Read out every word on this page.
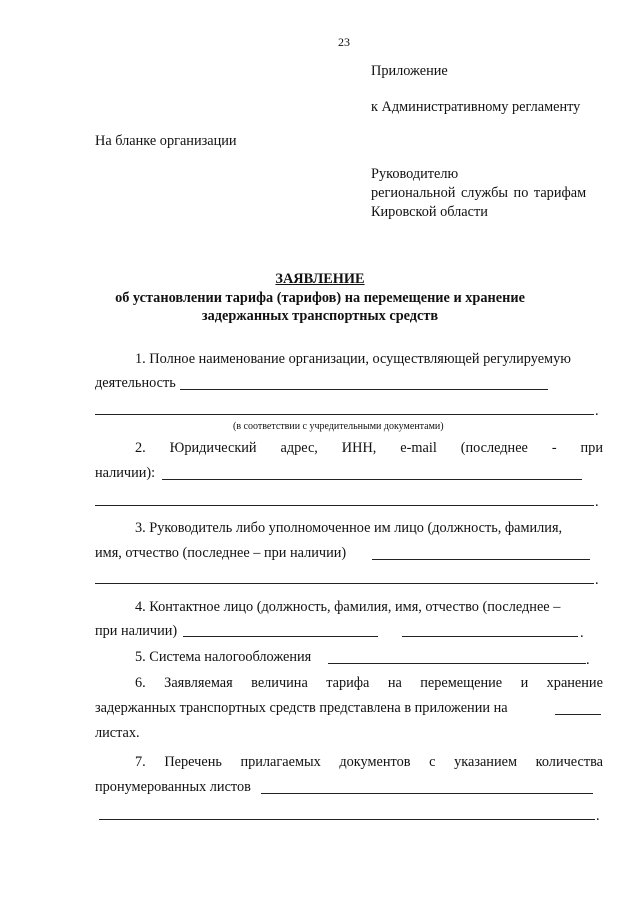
23
Приложение
к Административному регламенту
На бланке организации
Руководителю
региональной службы по тарифам
Кировской области
ЗАЯВЛЕНИЕ
об установлении тарифа (тарифов) на перемещение и хранение
задержанных транспортных средств
1. Полное наименование организации, осуществляющей регулируемую
деятельность
.
(в соответствии с учредительными документами)
2. Юридический адрес, ИНН, e-mail (последнее - при
наличии):
.
3. Руководитель либо уполномоченное им лицо (должность, фамилия,
имя, отчество (последнее – при наличии)
.
4. Контактное лицо (должность, фамилия, имя, отчество (последнее –
при наличии)	.
5. Система налогообложения	.
6. Заявляемая величина тарифа на перемещение и хранение
задержанных транспортных средств представлена в приложении на
листах.
7. Перечень прилагаемых документов с указанием количества
пронумерованных листов
.
